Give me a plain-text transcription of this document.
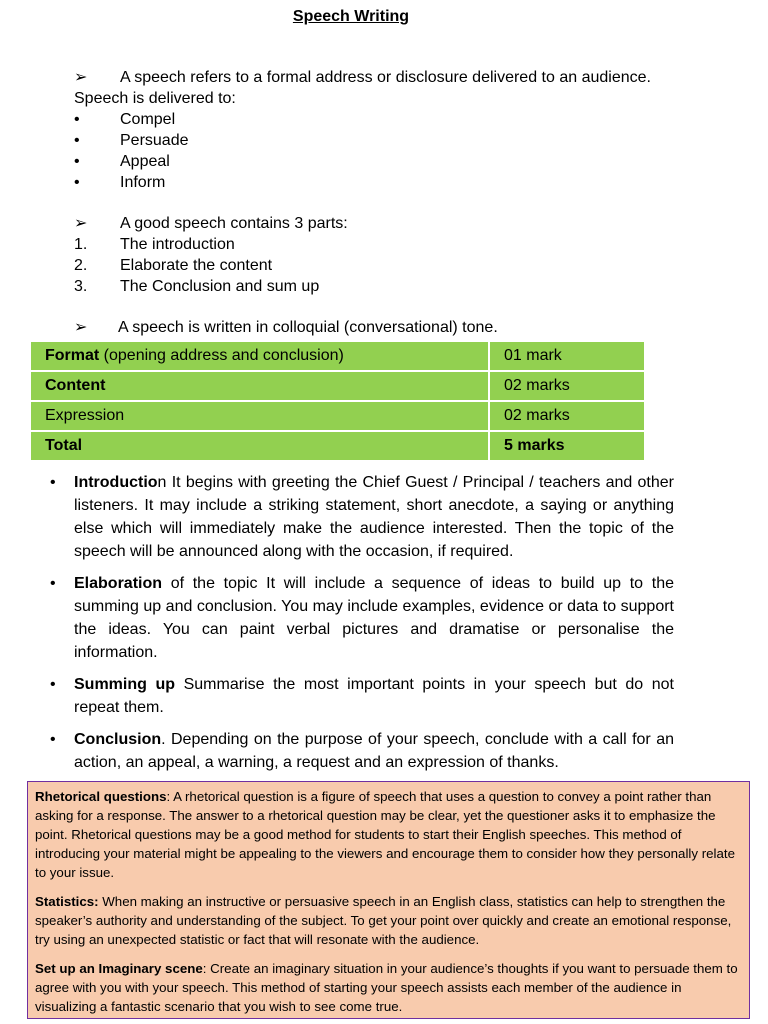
Speech Writing
➢ A speech refers to a formal address or disclosure delivered to an audience.
Speech is delivered to:
•	Compel
•	Persuade
•	Appeal
•	Inform
➢ A good speech contains 3 parts:
1. The introduction
2. Elaborate the content
3. The Conclusion and sum up
➢ A speech is written in colloquial (conversational) tone.
Format (opening address and conclusion)	01 mark
Content	02 marks
Expression	02 marks
Total	5 marks
• Introduction It begins with greeting the Chief Guest / Principal / teachers and other listeners. It may include a striking statement, short anecdote, a saying or anything else which will immediately make the audience interested. Then the topic of the speech will be announced along with the occasion, if required.
• Elaboration of the topic It will include a sequence of ideas to build up to the summing up and conclusion. You may include examples, evidence or data to support the ideas. You can paint verbal pictures and dramatise or personalise the information.
• Summing up Summarise the most important points in your speech but do not repeat them.
• Conclusion. Depending on the purpose of your speech, conclude with a call for an action, an appeal, a warning, a request and an expression of thanks.

Rhetorical questions: A rhetorical question is a figure of speech that uses a question to convey a point rather than asking for a response. The answer to a rhetorical question may be clear, yet the questioner asks it to emphasize the point. Rhetorical questions may be a good method for students to start their English speeches. This method of introducing your material might be appealing to the viewers and encourage them to consider how they personally relate to your issue.

Statistics: When making an instructive or persuasive speech in an English class, statistics can help to strengthen the speaker’s authority and understanding of the subject. To get your point over quickly and create an emotional response, try using an unexpected statistic or fact that will resonate with the audience.

Set up an Imaginary scene: Create an imaginary situation in your audience’s thoughts if you want to persuade them to agree with you with your speech. This method of starting your speech assists each member of the audience in visualizing a fantastic scenario that you wish to see come true.
